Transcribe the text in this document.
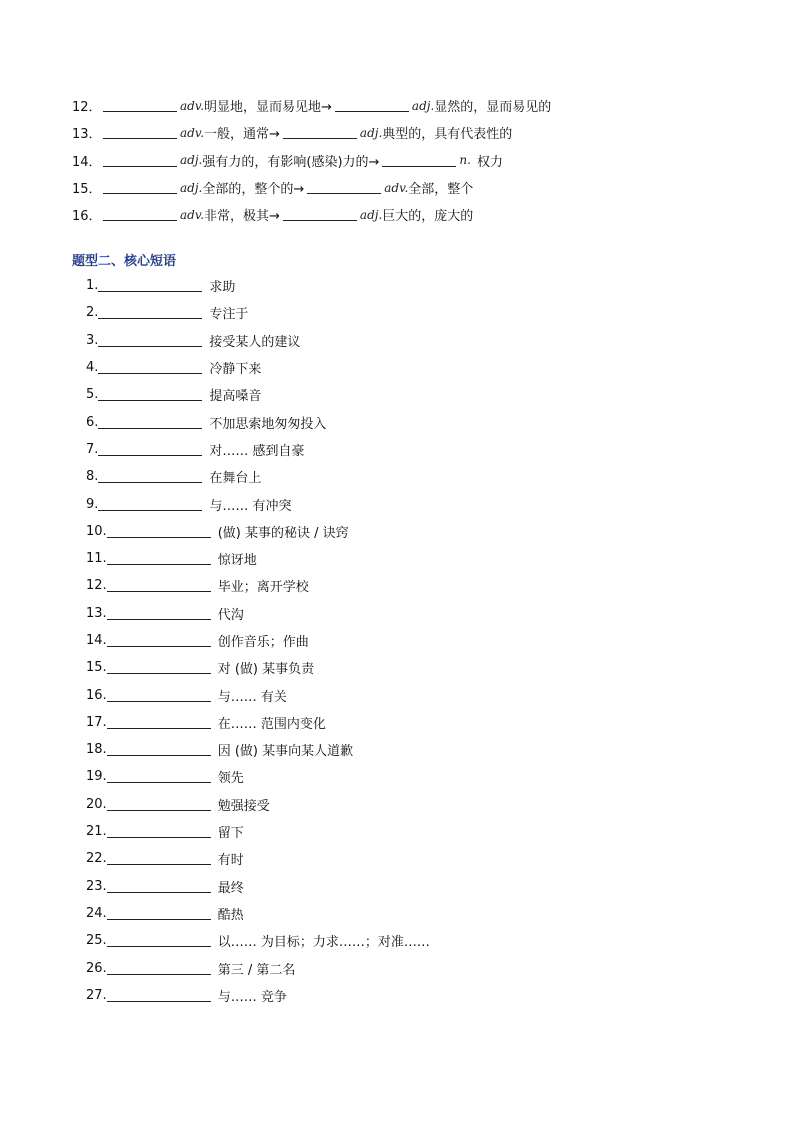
12．	adv. 明显地，显而易见地→	adj. 显然的，显而易见的
13．	adv. 一般，通常→	adj. 典型的，具有代表性的
14．	adj. 强有力的，有影响(感染)力的→	n. 权力
15．	adj. 全部的，整个的→	adv. 全部，整个
16．	adv. 非常，极其→	adj. 巨大的，庞大的
题型二、核心短语
1.	求助
2.	专注于
3.	接受某人的建议
4.	冷静下来
5.	提高嗓音
6.	不加思索地匆匆投入
7.	对…… 感到自豪
8.	在舞台上
9.	与…… 有冲突
10.	(做) 某事的秘诀 / 诀窍
11.	惊讶地
12.	毕业；离开学校
13.	代沟
14.	创作音乐；作曲
15.	对 (做) 某事负责
16.	与…… 有关
17.	在…… 范围内变化
18.	因 (做) 某事向某人道歉
19.	领先
20.	勉强接受
21.	留下
22.	有时
23.	最终
24.	酷热
25.	以…… 为目标；力求……；对准……
26.	第三 / 第二名
27.	与…… 竞争
